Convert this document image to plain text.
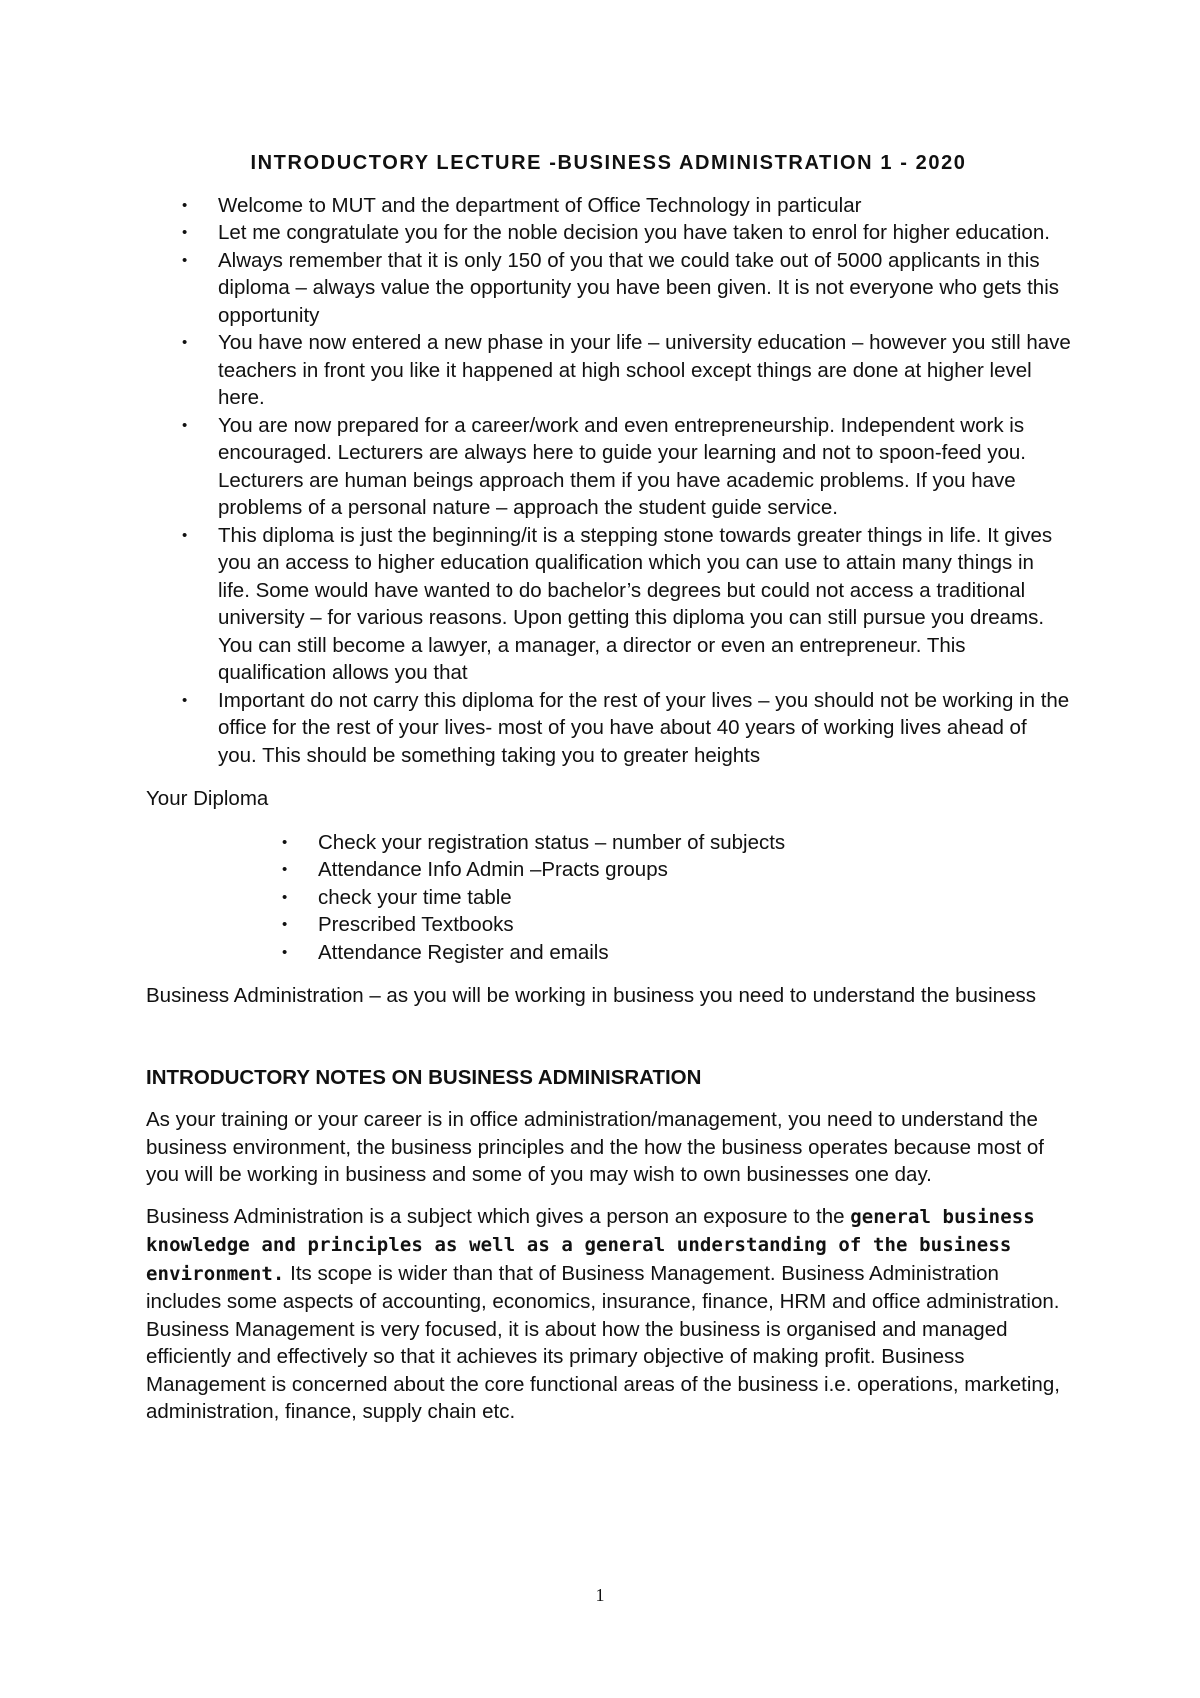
INTRODUCTORY LECTURE -BUSINESS ADMINISTRATION 1 - 2020
• Welcome to MUT and the department of Office Technology in particular
• Let me congratulate you for the noble decision you have taken to enrol for higher education.
• Always remember that it is only 150 of you that we could take out of 5000 applicants in this diploma – always value the opportunity you have been given. It is not everyone who gets this opportunity
• You have now entered a new phase in your life – university education – however you still have teachers in front you like it happened at high school except things are done at higher level here.
• You are now prepared for a career/work and even entrepreneurship. Independent work is encouraged. Lecturers are always here to guide your learning and not to spoon-feed you. Lecturers are human beings approach them if you have academic problems. If you have problems of a personal nature – approach the student guide service.
• This diploma is just the beginning/it is a stepping stone towards greater things in life. It gives you an access to higher education qualification which you can use to attain many things in life. Some would have wanted to do bachelor’s degrees but could not access a traditional university – for various reasons. Upon getting this diploma you can still pursue you dreams. You can still become a lawyer, a manager, a director or even an entrepreneur. This qualification allows you that
• Important do not carry this diploma for the rest of your lives – you should not be working in the office for the rest of your lives- most of you have about 40 years of working lives ahead of you. This should be something taking you to greater heights

Your Diploma

• Check your registration status – number of subjects
• Attendance Info Admin –Practs groups
• check your time table
• Prescribed Textbooks
• Attendance Register and emails

Business Administration – as you will be working in business you need to understand the business

INTRODUCTORY NOTES ON BUSINESS ADMINISRATION

As your training or your career is in office administration/management, you need to understand the business environment, the business principles and the how the business operates because most of you will be working in business and some of you may wish to own businesses one day.

Business Administration is a subject which gives a person an exposure to the general business knowledge and principles as well as a general understanding of the business environment. Its scope is wider than that of Business Management. Business Administration includes some aspects of accounting, economics, insurance, finance, HRM and office administration. Business Management is very focused, it is about how the business is organised and managed efficiently and effectively so that it achieves its primary objective of making profit. Business Management is concerned about the core functional areas of the business i.e. operations, marketing, administration, finance, supply chain etc.

1
